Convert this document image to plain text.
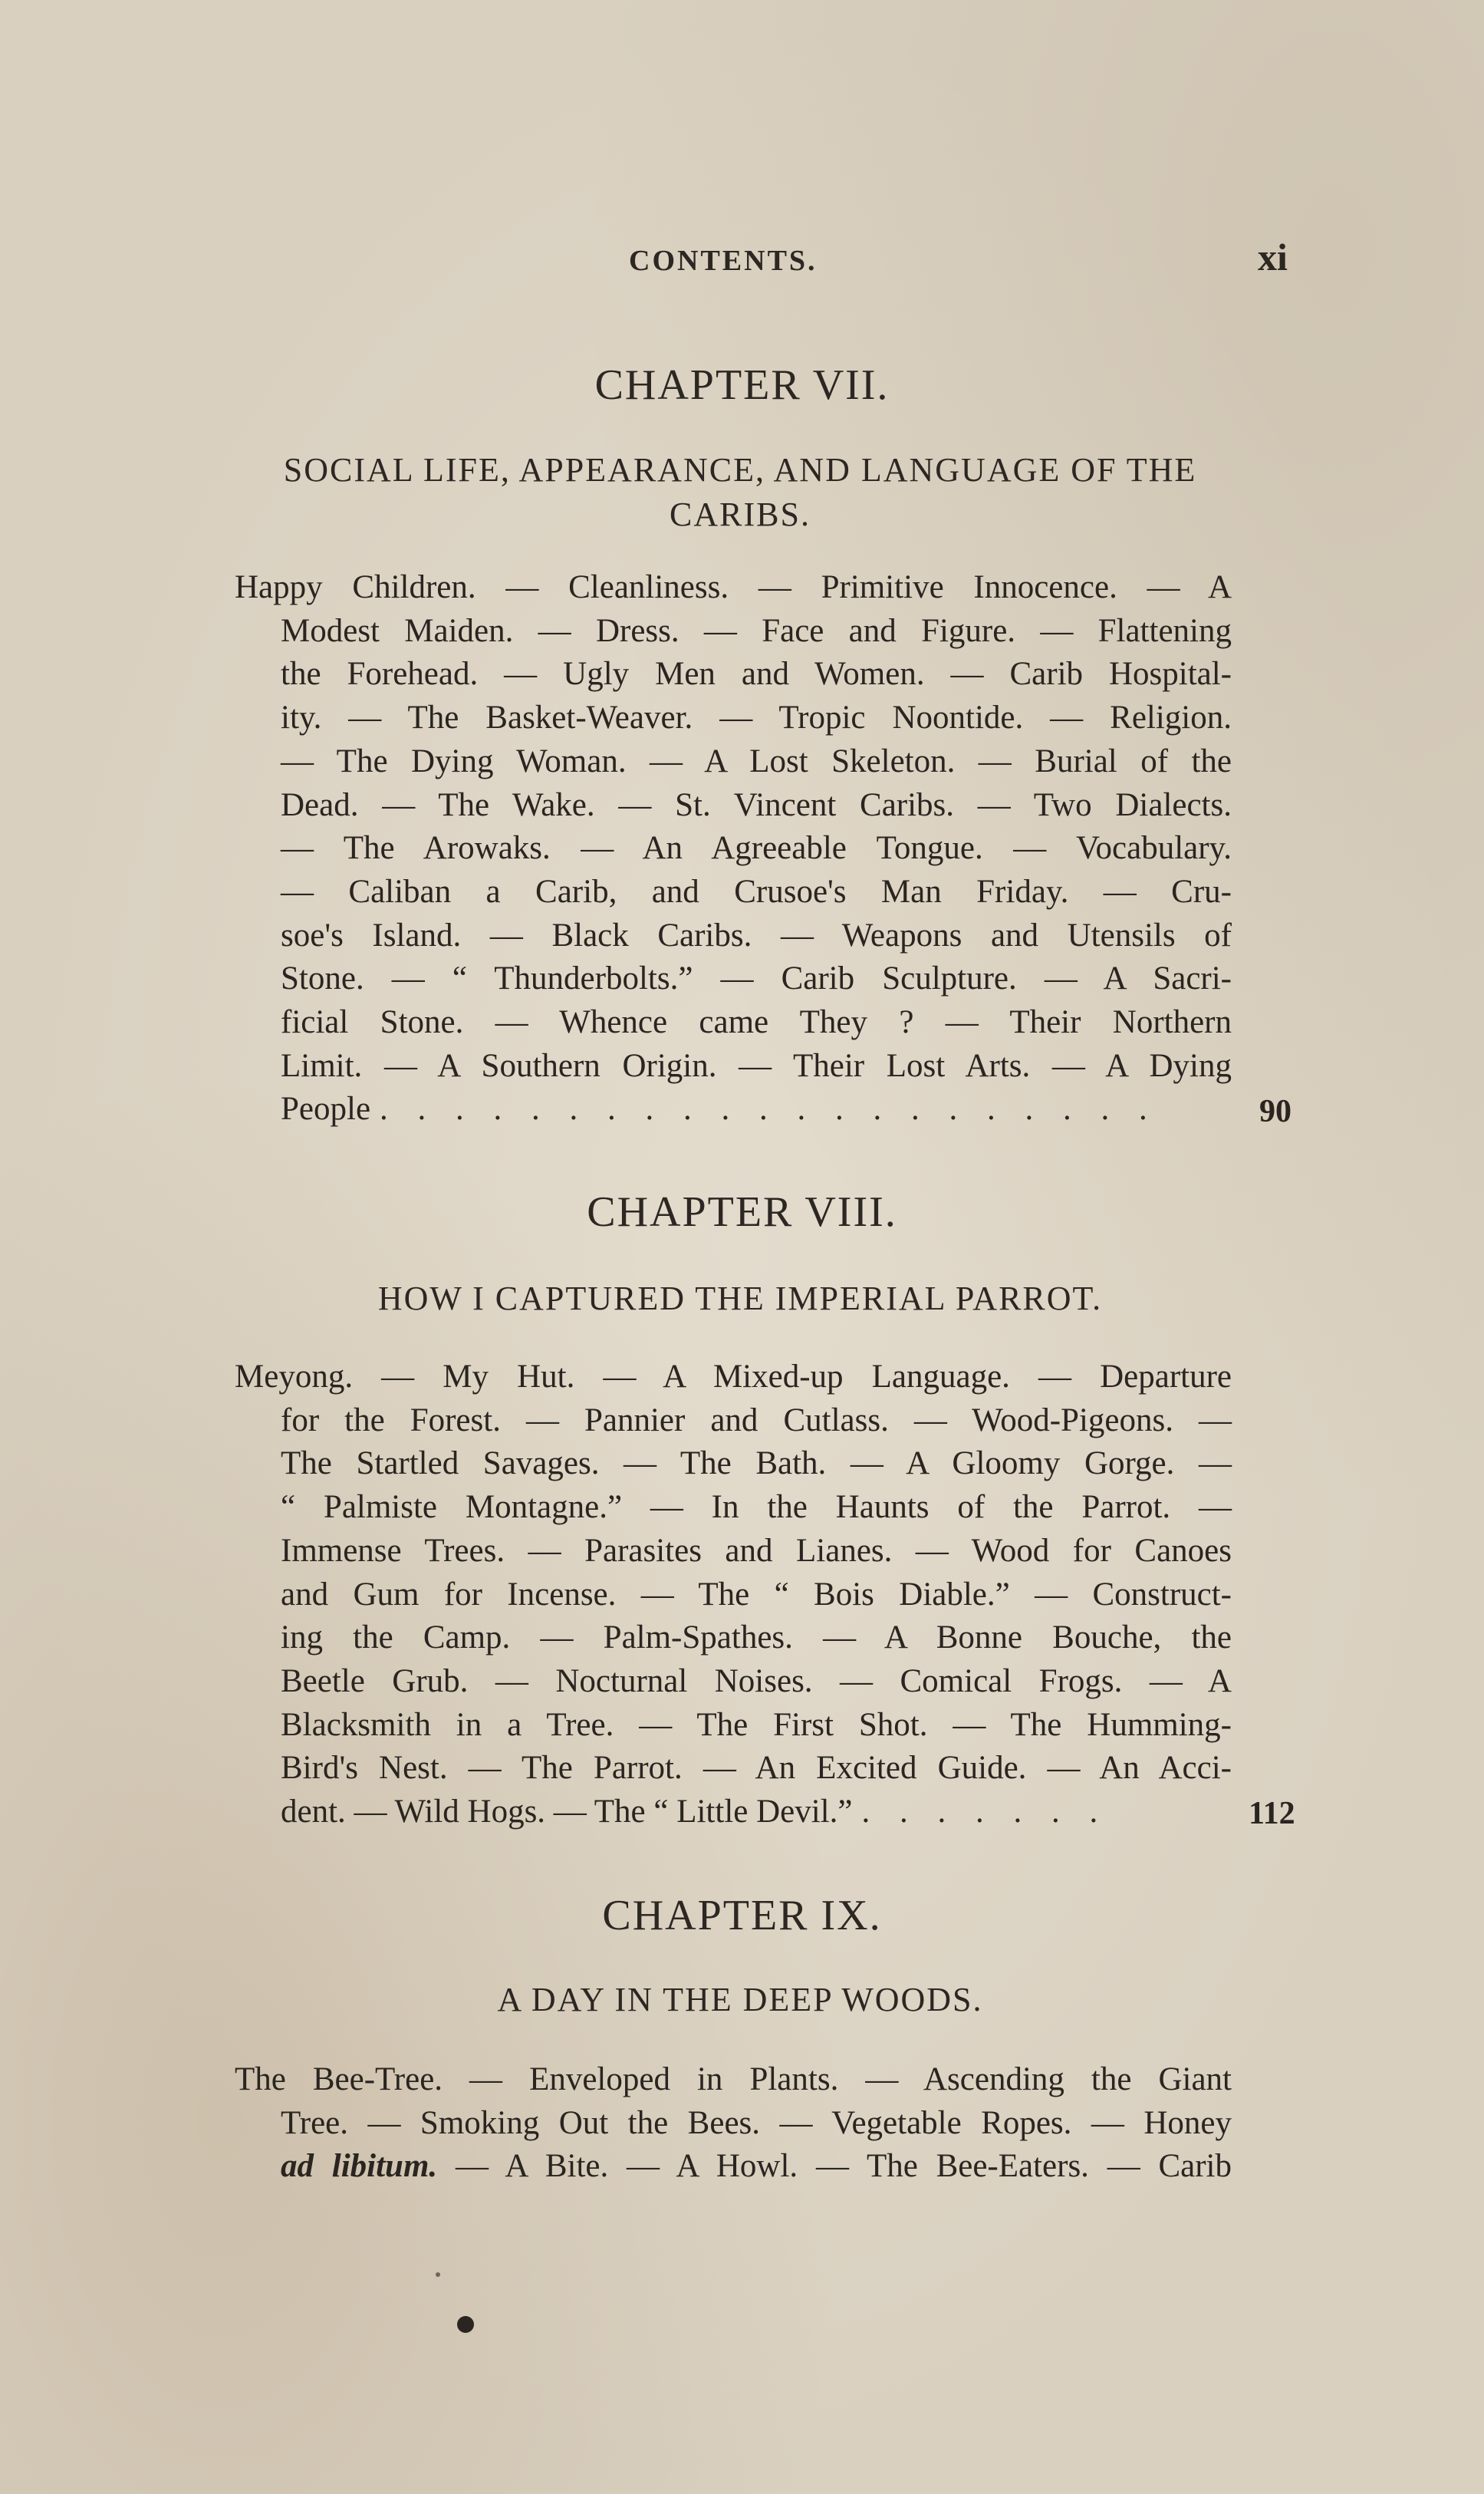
CONTENTS.	xi
CHAPTER VII.
SOCIAL LIFE, APPEARANCE, AND LANGUAGE OF THE
CARIBS.
Happy Children. — Cleanliness. — Primitive Innocence. — A
Modest Maiden. — Dress. — Face and Figure. — Flattening
the Forehead. — Ugly Men and Women. — Carib Hospital-
ity. — The Basket-Weaver. — Tropic Noontide. — Religion.
— The Dying Woman. — A Lost Skeleton. — Burial of the
Dead. — The Wake. — St. Vincent Caribs. — Two Dialects.
— The Arowaks. — An Agreeable Tongue. — Vocabulary.
— Caliban a Carib, and Crusoe's Man Friday. — Cru-
soe's Island. — Black Caribs. — Weapons and Utensils of
Stone. — “ Thunderbolts.” — Carib Sculpture. — A Sacri-
ficial Stone. — Whence came They ? — Their Northern
Limit. — A Southern Origin. — Their Lost Arts. — A Dying
People . . . . . . . . . . . . . . . . . . . . .	90
CHAPTER VIII.
HOW I CAPTURED THE IMPERIAL PARROT.
Meyong. — My Hut. — A Mixed-up Language. — Departure
for the Forest. — Pannier and Cutlass. — Wood-Pigeons. —
The Startled Savages. — The Bath. — A Gloomy Gorge. —
“ Palmiste Montagne.” — In the Haunts of the Parrot. —
Immense Trees. — Parasites and Lianes. — Wood for Canoes
and Gum for Incense. — The “ Bois Diable.” — Construct-
ing the Camp. — Palm-Spathes. — A Bonne Bouche, the
Beetle Grub. — Nocturnal Noises. — Comical Frogs. — A
Blacksmith in a Tree. — The First Shot. — The Humming-
Bird's Nest. — The Parrot. — An Excited Guide. — An Acci-
dent. — Wild Hogs. — The “ Little Devil.” . . . . . . .	112
CHAPTER IX.
A DAY IN THE DEEP WOODS.
The Bee-Tree. — Enveloped in Plants. — Ascending the Giant
Tree. — Smoking Out the Bees. — Vegetable Ropes. — Honey
ad libitum. — A Bite. — A Howl. — The Bee-Eaters. — Carib
